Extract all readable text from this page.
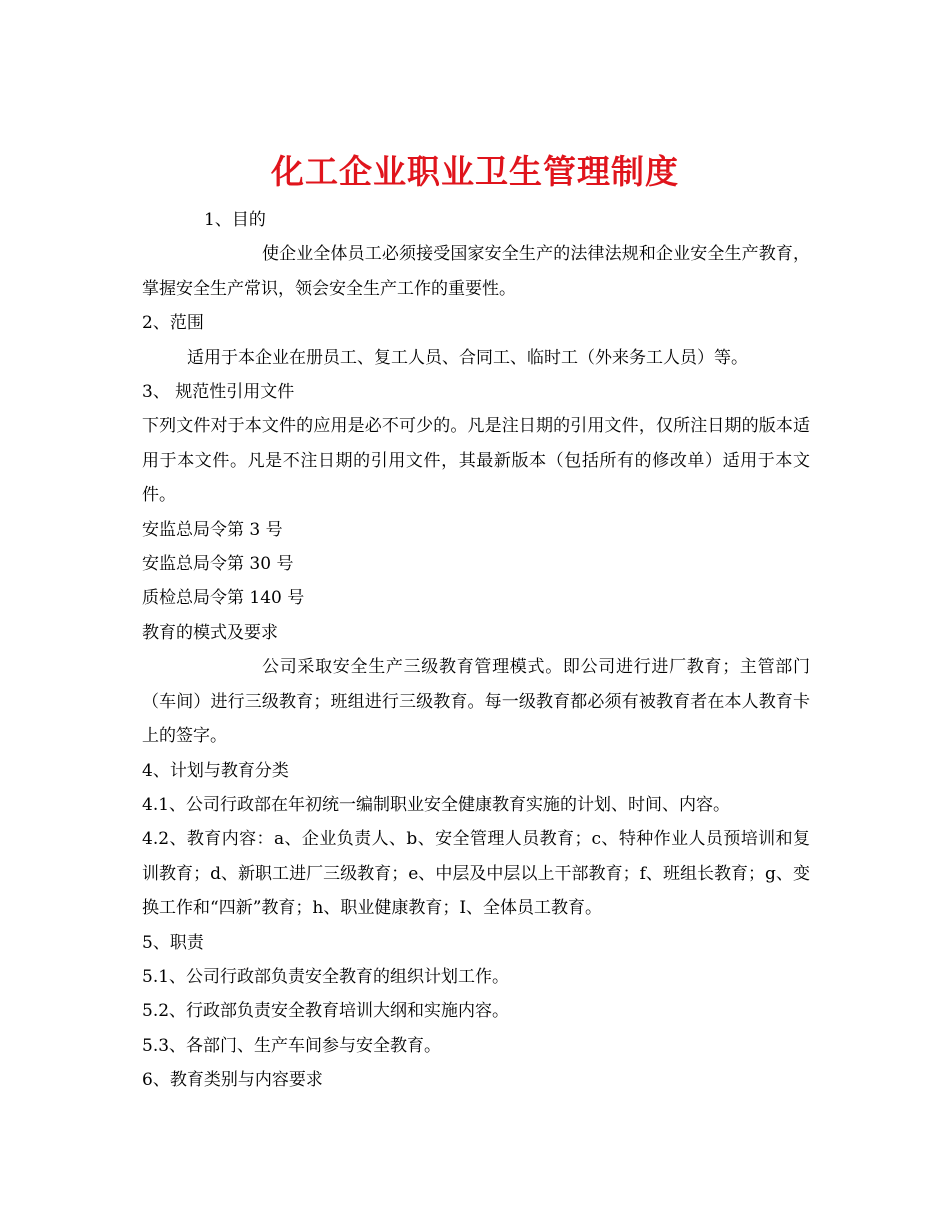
化工企业职业卫生管理制度

1、目的

使企业全体员工必须接受国家安全生产的法律法规和企业安全生产教育，掌握安全生产常识，领会安全生产工作的重要性。

2、范围

适用于本企业在册员工、复工人员、合同工、临时工（外来务工人员）等。

3、 规范性引用文件

下列文件对于本文件的应用是必不可少的。凡是注日期的引用文件，仅所注日期的版本适用于本文件。凡是不注日期的引用文件，其最新版本（包括所有的修改单）适用于本文件。

安监总局令第 3 号

安监总局令第 30 号

质检总局令第 140 号

教育的模式及要求

公司采取安全生产三级教育管理模式。即公司进行进厂教育；主管部门（车间）进行三级教育；班组进行三级教育。每一级教育都必须有被教育者在本人教育卡上的签字。

4、计划与教育分类

4.1、公司行政部在年初统一编制职业安全健康教育实施的计划、时间、内容。

4.2、教育内容：a、企业负责人、b、安全管理人员教育；c、特种作业人员预培训和复训教育；d、新职工进厂三级教育；e、中层及中层以上干部教育；f、班组长教育；g、变换工作和“四新”教育；h、职业健康教育；I、全体员工教育。

5、职责

5.1、公司行政部负责安全教育的组织计划工作。

5.2、行政部负责安全教育培训大纲和实施内容。

5.3、各部门、生产车间参与安全教育。

6、教育类别与内容要求
